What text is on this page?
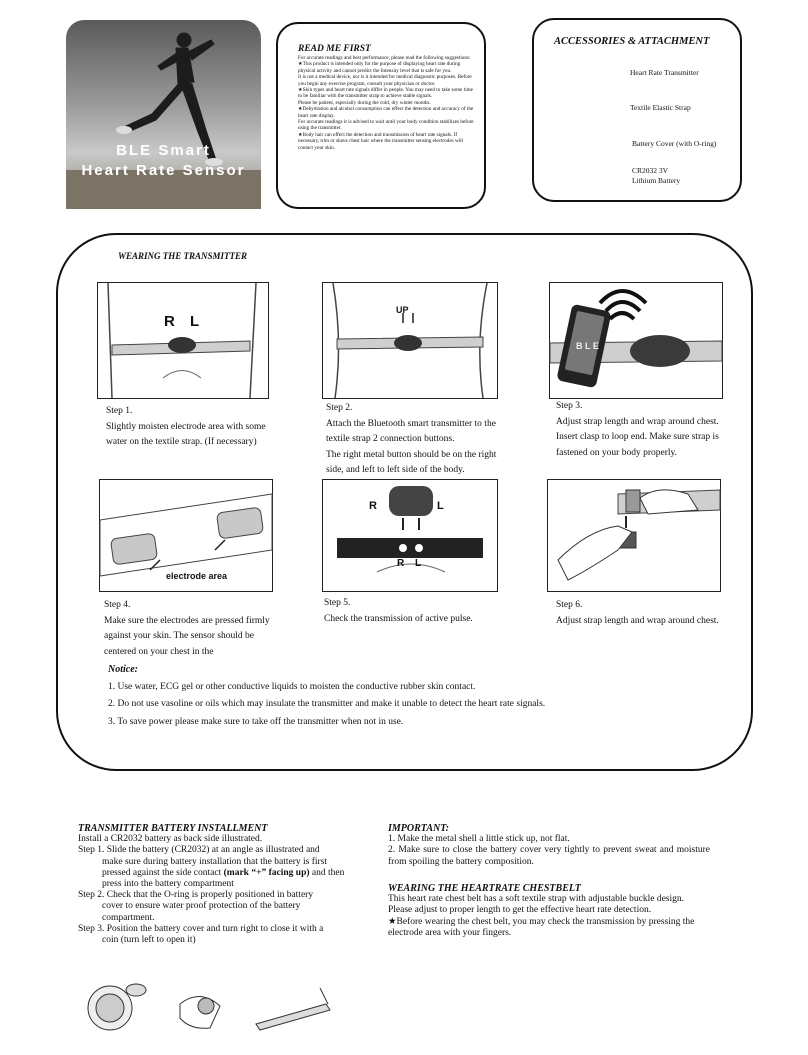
BLE Smart
Heart Rate Sensor
READ ME FIRST

For accurate readings and best performance, please read the following suggestions:

★This product is intended only for the purpose of displaying heart rate during physical activity and cannot predict the Intensity level that is safe for you.

It is not a medical device, nor is it intended for medical diagnostic purposes. Before you begin any exercise program, consult your physician or doctor.

★Skin types and heart rate signals differ in people. You may need to take some time to be familiar with the transmitter strap to achieve stable signals.

Please be patient, especially during the cold, dry winter months.

★Dehydration and alcohol consumption can effect the detection and accuracy of the heart rate display.

For accurate readings it is advised to wait until your body condition stabilizes before using the transmitter.

★Body hair can effect the detection and transmission of heart rate signals. If necessary, trim or shave chest hair where the transmitter sensing electrodes will contact your skin.

ACCESSORIES & ATTACHMENT
Heart Rate Transmitter
Textile Elastic Strap
Battery Cover (with O-ring)
CR2032 3V
Lithium Battery
WEARING THE TRANSMITTER
R L
UP
B L E
Step 1.
Slightly moisten electrode area with some water on the textile strap. (If necessary)
Step 2.
Attach the Bluetooth smart transmitter to the textile strap 2 connection buttons.
The right metal button should be on the right side, and left to left side of the body.
Step 3.
Adjust strap length and wrap around chest. Insert clasp to loop end. Make sure strap is fastened on your body properly.
electrode area
R	L
R L
Step 4.
Make sure the electrodes are pressed firmly against your skin. The sensor should be centered on your chest in the
Step 5.
Check the transmission of active pulse.
Step 6.
Adjust strap length and wrap around chest.
Notice:
1. Use water, ECG gel or other conductive liquids to moisten the conductive rubber skin contact.
2. Do not use vasoline or oils which may insulate the transmitter and make it unable to detect the heart rate signals.
3. To save power please make sure to take off the transmitter when not in use.
TRANSMITTER BATTERY INSTALLMENT
Install a CR2032 battery as back side illustrated.
Step 1. Slide the battery (CR2032) at an angle as illustrated and
make sure during battery installation that the battery is first pressed against the side contact (mark “+” facing up) and then press into the battery compartment
Step 2. Check that the O-ring is properly positioned in battery
cover to ensure water proof protection of the battery compartment.
Step 3. Position the battery cover and turn right to close it with a
coin (turn left to open it)
IMPORTANT:
1. Make the metal shell a little stick up, not flat.
2. Make sure to close the battery cover very tightly to prevent sweat and moisture from spoiling the battery composition.
WEARING THE HEARTRATE CHESTBELT
This heart rate chest belt has a soft textile strap with adjustable buckle design.
Please adjust to proper length to get the effective heart rate detection.
★Before wearing the chest belt, you may check the transmission by pressing the electrode area with your fingers.
